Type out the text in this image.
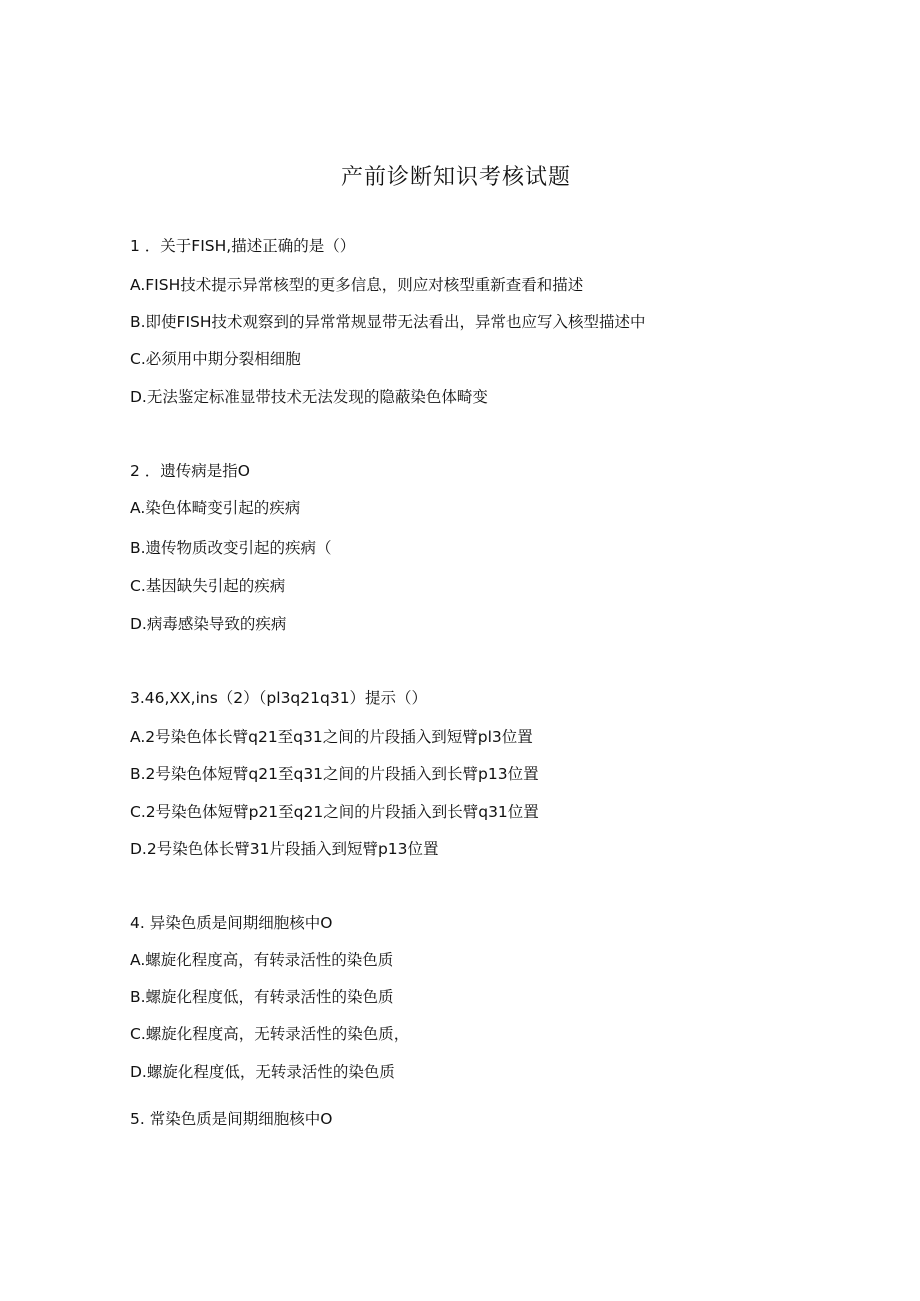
产前诊断知识考核试题
1 ．关于FISH,描述正确的是（）
A.FISH技术提示异常核型的更多信息，则应对核型重新查看和描述
B.即使FISH技术观察到的异常常规显带无法看出，异常也应写入核型描述中
C.必须用中期分裂相细胞
D.无法鉴定标准显带技术无法发现的隐蔽染色体畸变
2 ．遗传病是指O
A.染色体畸变引起的疾病
B.遗传物质改变引起的疾病（
C.基因缺失引起的疾病
D.病毒感染导致的疾病
3.46,XX,ins（2）（pl3q21q31）提示（）
A.2号染色体长臂q21至q31之间的片段插入到短臂pl3位置
B.2号染色体短臂q21至q31之间的片段插入到长臂p13位置
C.2号染色体短臂p21至q21之间的片段插入到长臂q31位置
D.2号染色体长臂31片段插入到短臂p13位置
4. 异染色质是间期细胞核中O
A.螺旋化程度高，有转录活性的染色质
B.螺旋化程度低，有转录活性的染色质
C.螺旋化程度高，无转录活性的染色质，
D.螺旋化程度低，无转录活性的染色质
5. 常染色质是间期细胞核中O
